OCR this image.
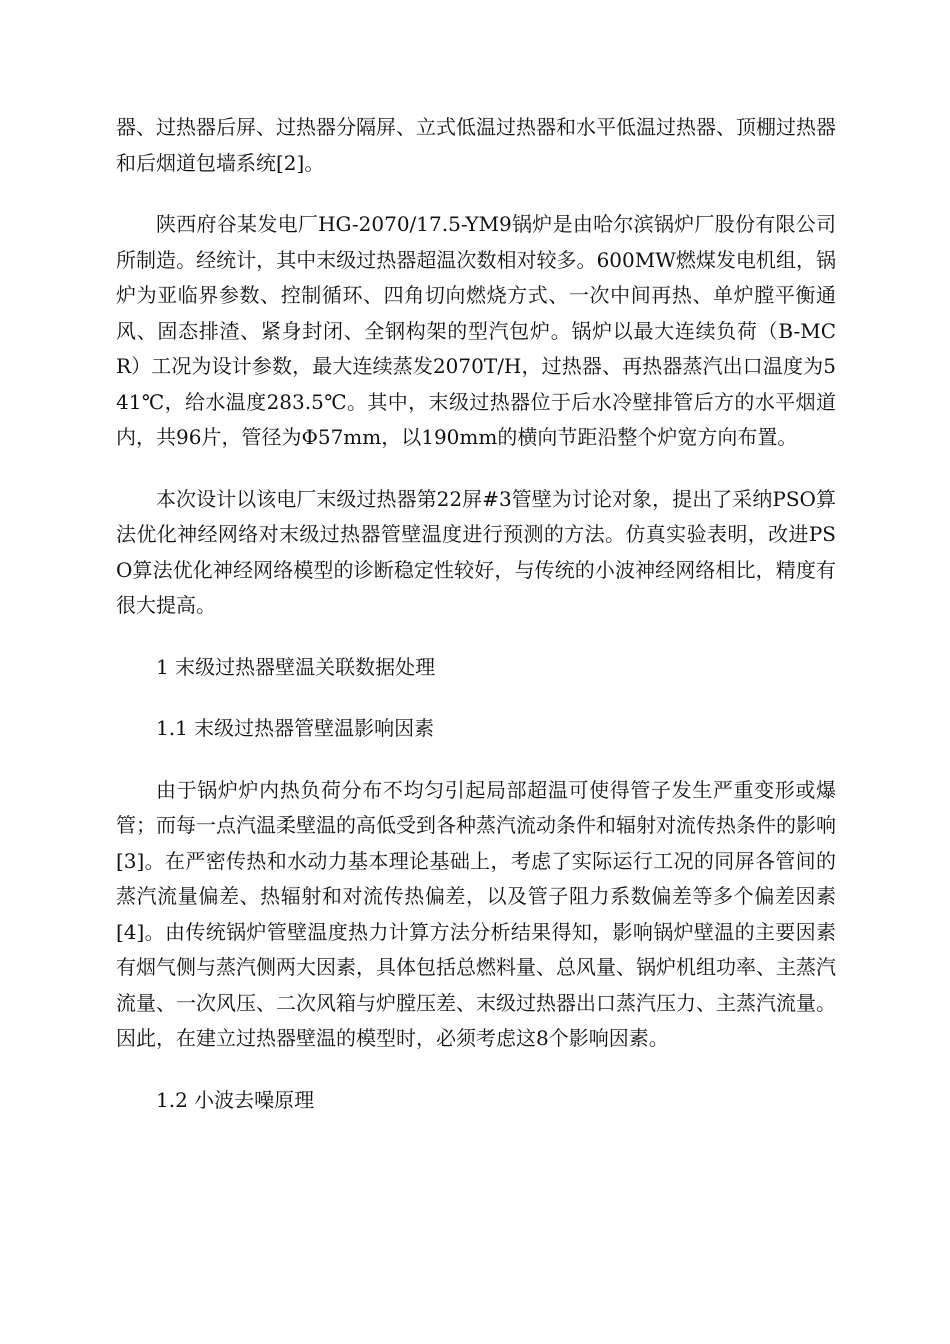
器、过热器后屏、过热器分隔屏、立式低温过热器和水平低温过热器、顶棚过热器和后烟道包墙系统[2]。

陕西府谷某发电厂HG-2070/17.5-YM9锅炉是由哈尔滨锅炉厂股份有限公司所制造。经统计，其中末级过热器超温次数相对较多。600MW燃煤发电机组，锅炉为亚临界参数、控制循环、四角切向燃烧方式、一次中间再热、单炉膛平衡通风、固态排渣、紧身封闭、全钢构架的型汽包炉。锅炉以最大连续负荷（B-MCR）工况为设计参数，最大连续蒸发2070T/H，过热器、再热器蒸汽出口温度为541℃，给水温度283.5℃。其中，末级过热器位于后水冷壁排管后方的水平烟道内，共96片，管径为Φ57mm，以190mm的横向节距沿整个炉宽方向布置。

本次设计以该电厂末级过热器第22屏#3管壁为讨论对象，提出了采纳PSO算法优化神经网络对末级过热器管壁温度进行预测的方法。仿真实验表明，改进PSO算法优化神经网络模型的诊断稳定性较好，与传统的小波神经网络相比，精度有很大提高。

1 末级过热器壁温关联数据处理

1.1 末级过热器管壁温影响因素

由于锅炉炉内热负荷分布不均匀引起局部超温可使得管子发生严重变形或爆管；而每一点汽温柔壁温的高低受到各种蒸汽流动条件和辐射对流传热条件的影响[3]。在严密传热和水动力基本理论基础上，考虑了实际运行工况的同屏各管间的蒸汽流量偏差、热辐射和对流传热偏差，以及管子阻力系数偏差等多个偏差因素[4]。由传统锅炉管壁温度热力计算方法分析结果得知，影响锅炉壁温的主要因素有烟气侧与蒸汽侧两大因素，具体包括总燃料量、总风量、锅炉机组功率、主蒸汽流量、一次风压、二次风箱与炉膛压差、末级过热器出口蒸汽压力、主蒸汽流量。因此，在建立过热器壁温的模型时，必须考虑这8个影响因素。

1.2 小波去噪原理
